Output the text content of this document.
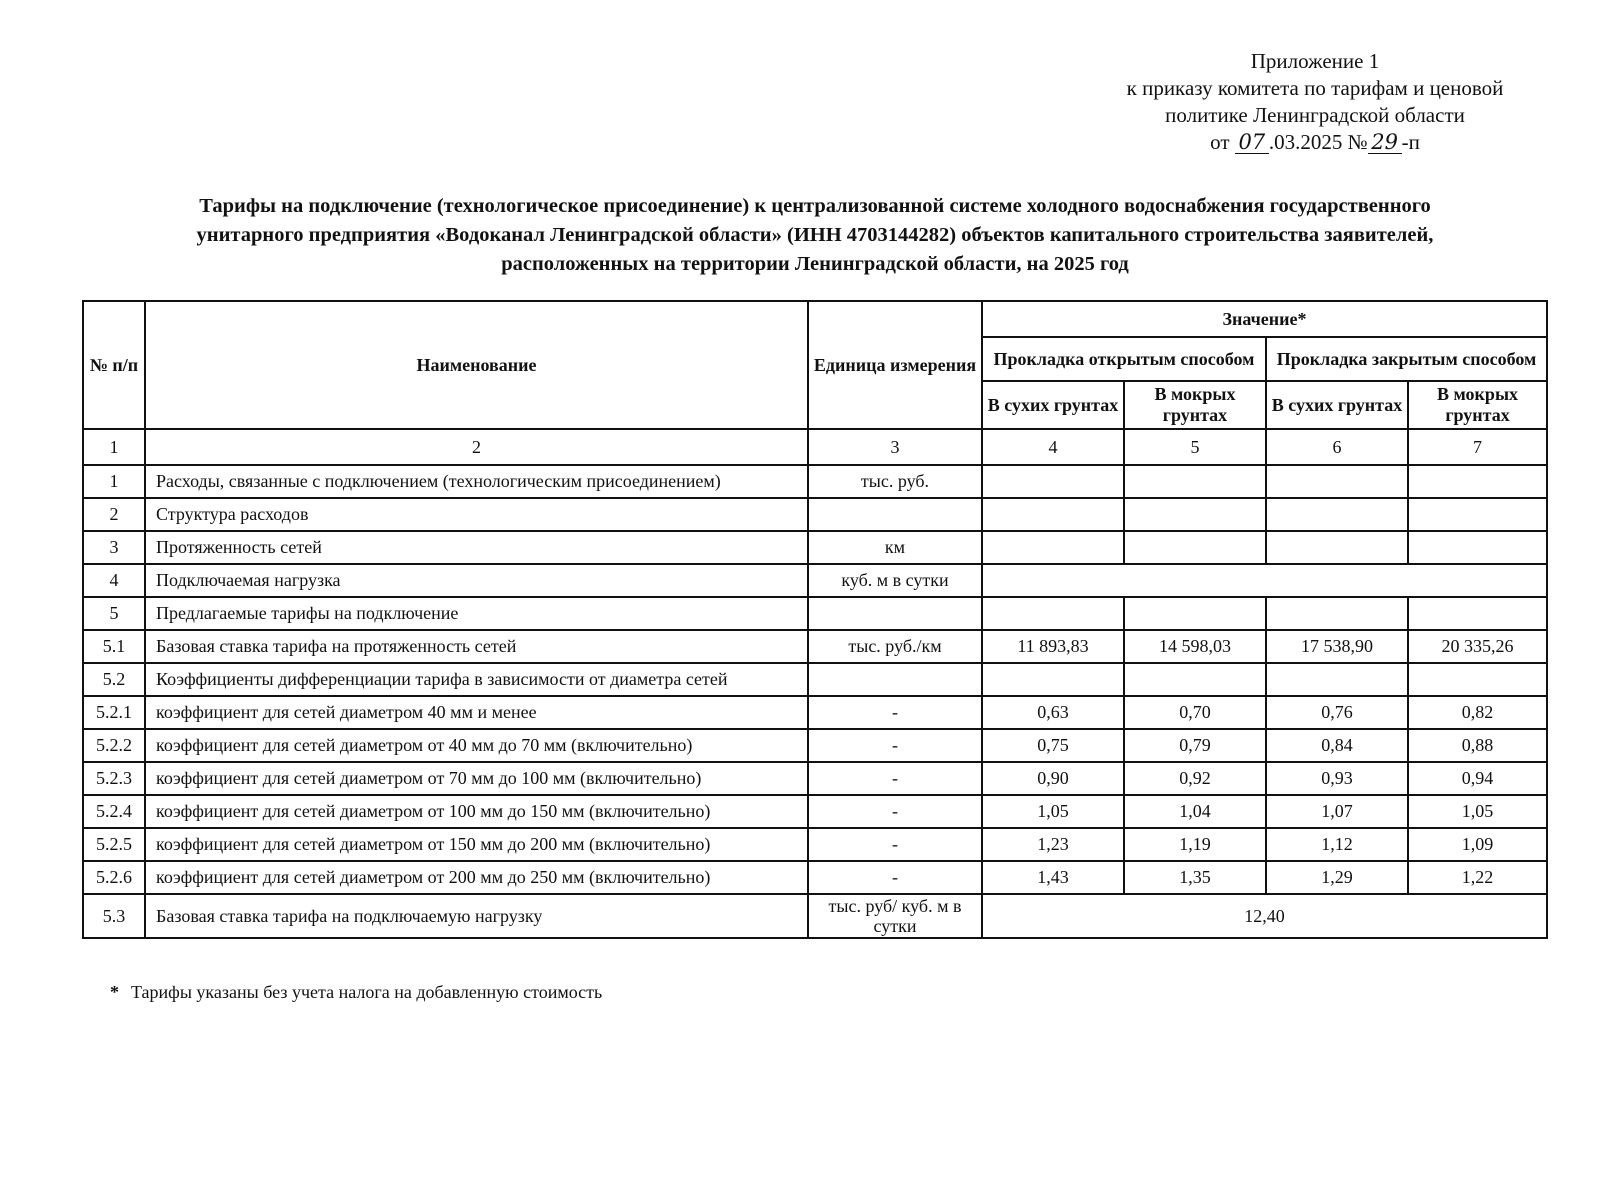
Приложение 1
к приказу комитета по тарифам и ценовой
политике Ленинградской области
от 07 .03.2025 № 29 -п
Тарифы на подключение (технологическое присоединение) к централизованной системе холодного водоснабжения государственного
унитарного предприятия «Водоканал Ленинградской области» (ИНН 4703144282) объектов капитального строительства заявителей,
расположенных на территории Ленинградской области, на 2025 год
№ п/п	Наименование	Единица измерения	Значение*			
			Прокладка открытым способом		Прокладка закрытым способом	
			В сухих грунтах	В мокрых грунтах	В сухих грунтах	В мокрых грунтах
1	2	3	4	5	6	7
1	Расходы, связанные с подключением (технологическим присоединением)	тыс. руб.				
2	Структура расходов					
3	Протяженность сетей	км				
4	Подключаемая нагрузка	куб. м в сутки				
5	Предлагаемые тарифы на подключение					
5.1	Базовая ставка тарифа на протяженность сетей	тыс. руб./км	11 893,83	14 598,03	17 538,90	20 335,26
5.2	Коэффициенты дифференциации тарифа в зависимости от диаметра сетей					
5.2.1	коэффициент для сетей диаметром 40 мм и менее	-	0,63	0,70	0,76	0,82
5.2.2	коэффициент для сетей диаметром от 40 мм до 70 мм (включительно)	-	0,75	0,79	0,84	0,88
5.2.3	коэффициент для сетей диаметром от 70 мм до 100 мм (включительно)	-	0,90	0,92	0,93	0,94
5.2.4	коэффициент для сетей диаметром от 100 мм до 150 мм (включительно)	-	1,05	1,04	1,07	1,05
5.2.5	коэффициент для сетей диаметром от 150 мм до 200 мм (включительно)	-	1,23	1,19	1,12	1,09
5.2.6	коэффициент для сетей диаметром от 200 мм до 250 мм (включительно)	-	1,43	1,35	1,29	1,22
5.3	Базовая ставка тарифа на подключаемую нагрузку	тыс. руб/ куб. м в сутки	12,40			
* Тарифы указаны без учета налога на добавленную стоимость
